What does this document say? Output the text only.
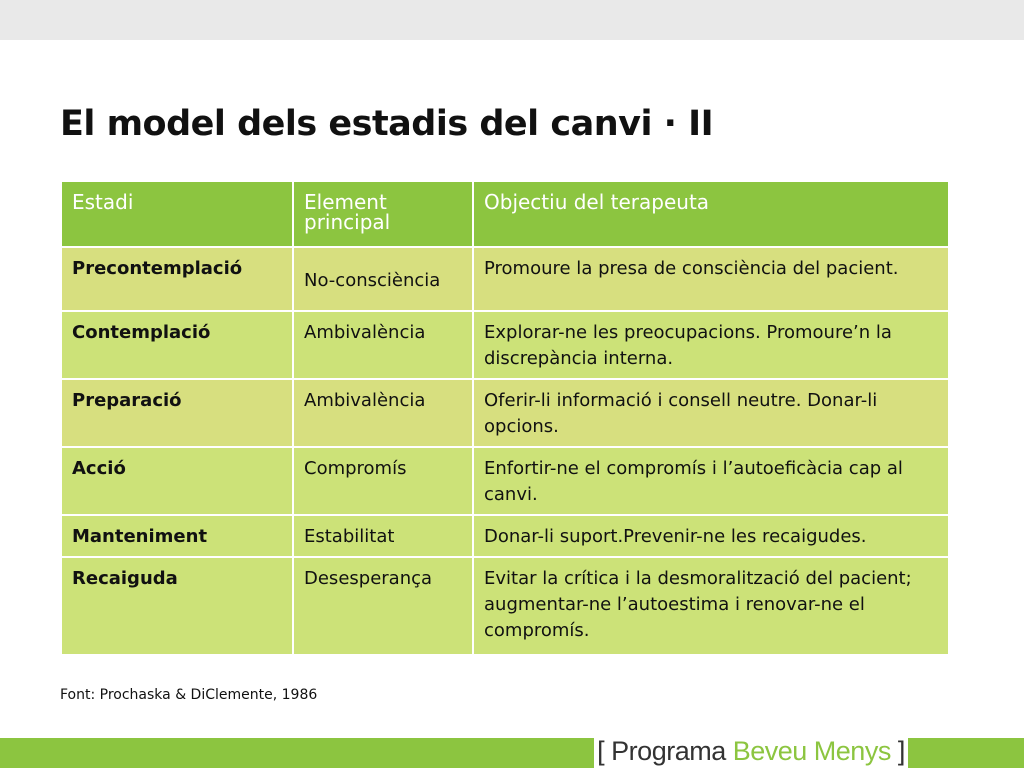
El model dels estadis del canvi · II
Estadi	Element principal	Objectiu del terapeuta
Precontemplació	No-consciència	Promoure la presa de consciència del pacient.
Contemplació	Ambivalència	Explorar-ne les preocupacions. Promoure’n la discrepància interna.
Preparació	Ambivalència	Oferir-li informació i consell neutre. Donar-li opcions.
Acció	Compromís	Enfortir-ne el compromís i l’autoeficàcia cap al canvi.
Manteniment	Estabilitat	Donar-li suport.Prevenir-ne les recaigudes.
Recaiguda	Desesperança	Evitar la crítica i la desmoralització del pacient; augmentar-ne l’autoestima i renovar-ne el compromís.
Font: Prochaska & DiClemente, 1986
[
Programa
Beveu Menys
]
